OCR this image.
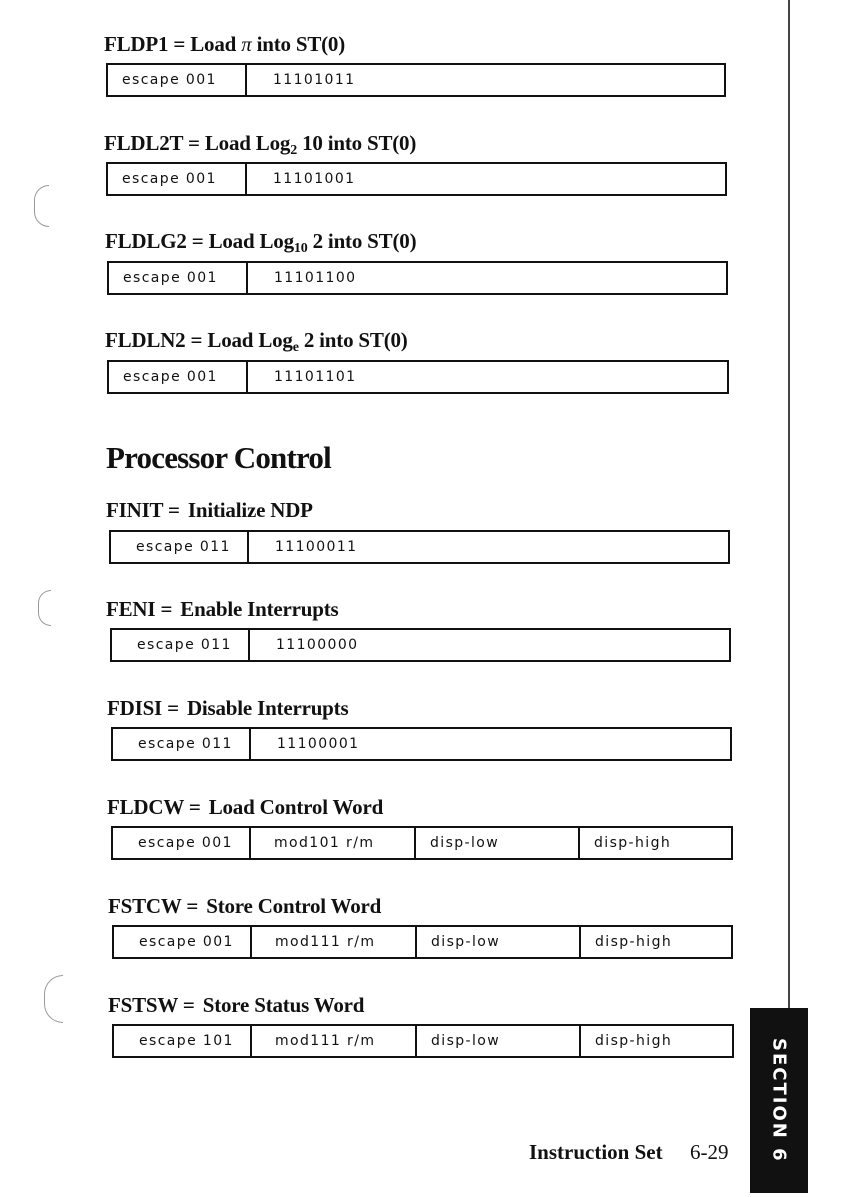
FLDP1 = Load π into ST(0)
escape 001	11101011
FLDL2T = Load Log$_2$ 10 into ST(0)
escape 001	11101001
FLDLG2 = Load Log$_{10}$ 2 into ST(0)
escape 001	11101100
FLDLN2 = Load Log$_e$ 2 into ST(0)
escape 001	11101101
Processor Control
FINIT = Initialize NDP
escape 011	11100011
FENI = Enable Interrupts
escape 011	11100000
FDISI = Disable Interrupts
escape 011	11100001
FLDCW = Load Control Word
escape 001	mod101 r/m	disp-low	disp-high
FSTCW = Store Control Word
escape 001	mod111 r/m	disp-low	disp-high
FSTSW = Store Status Word
escape 101	mod111 r/m	disp-low	disp-high	SECTION 6
Instruction Set 6-29
